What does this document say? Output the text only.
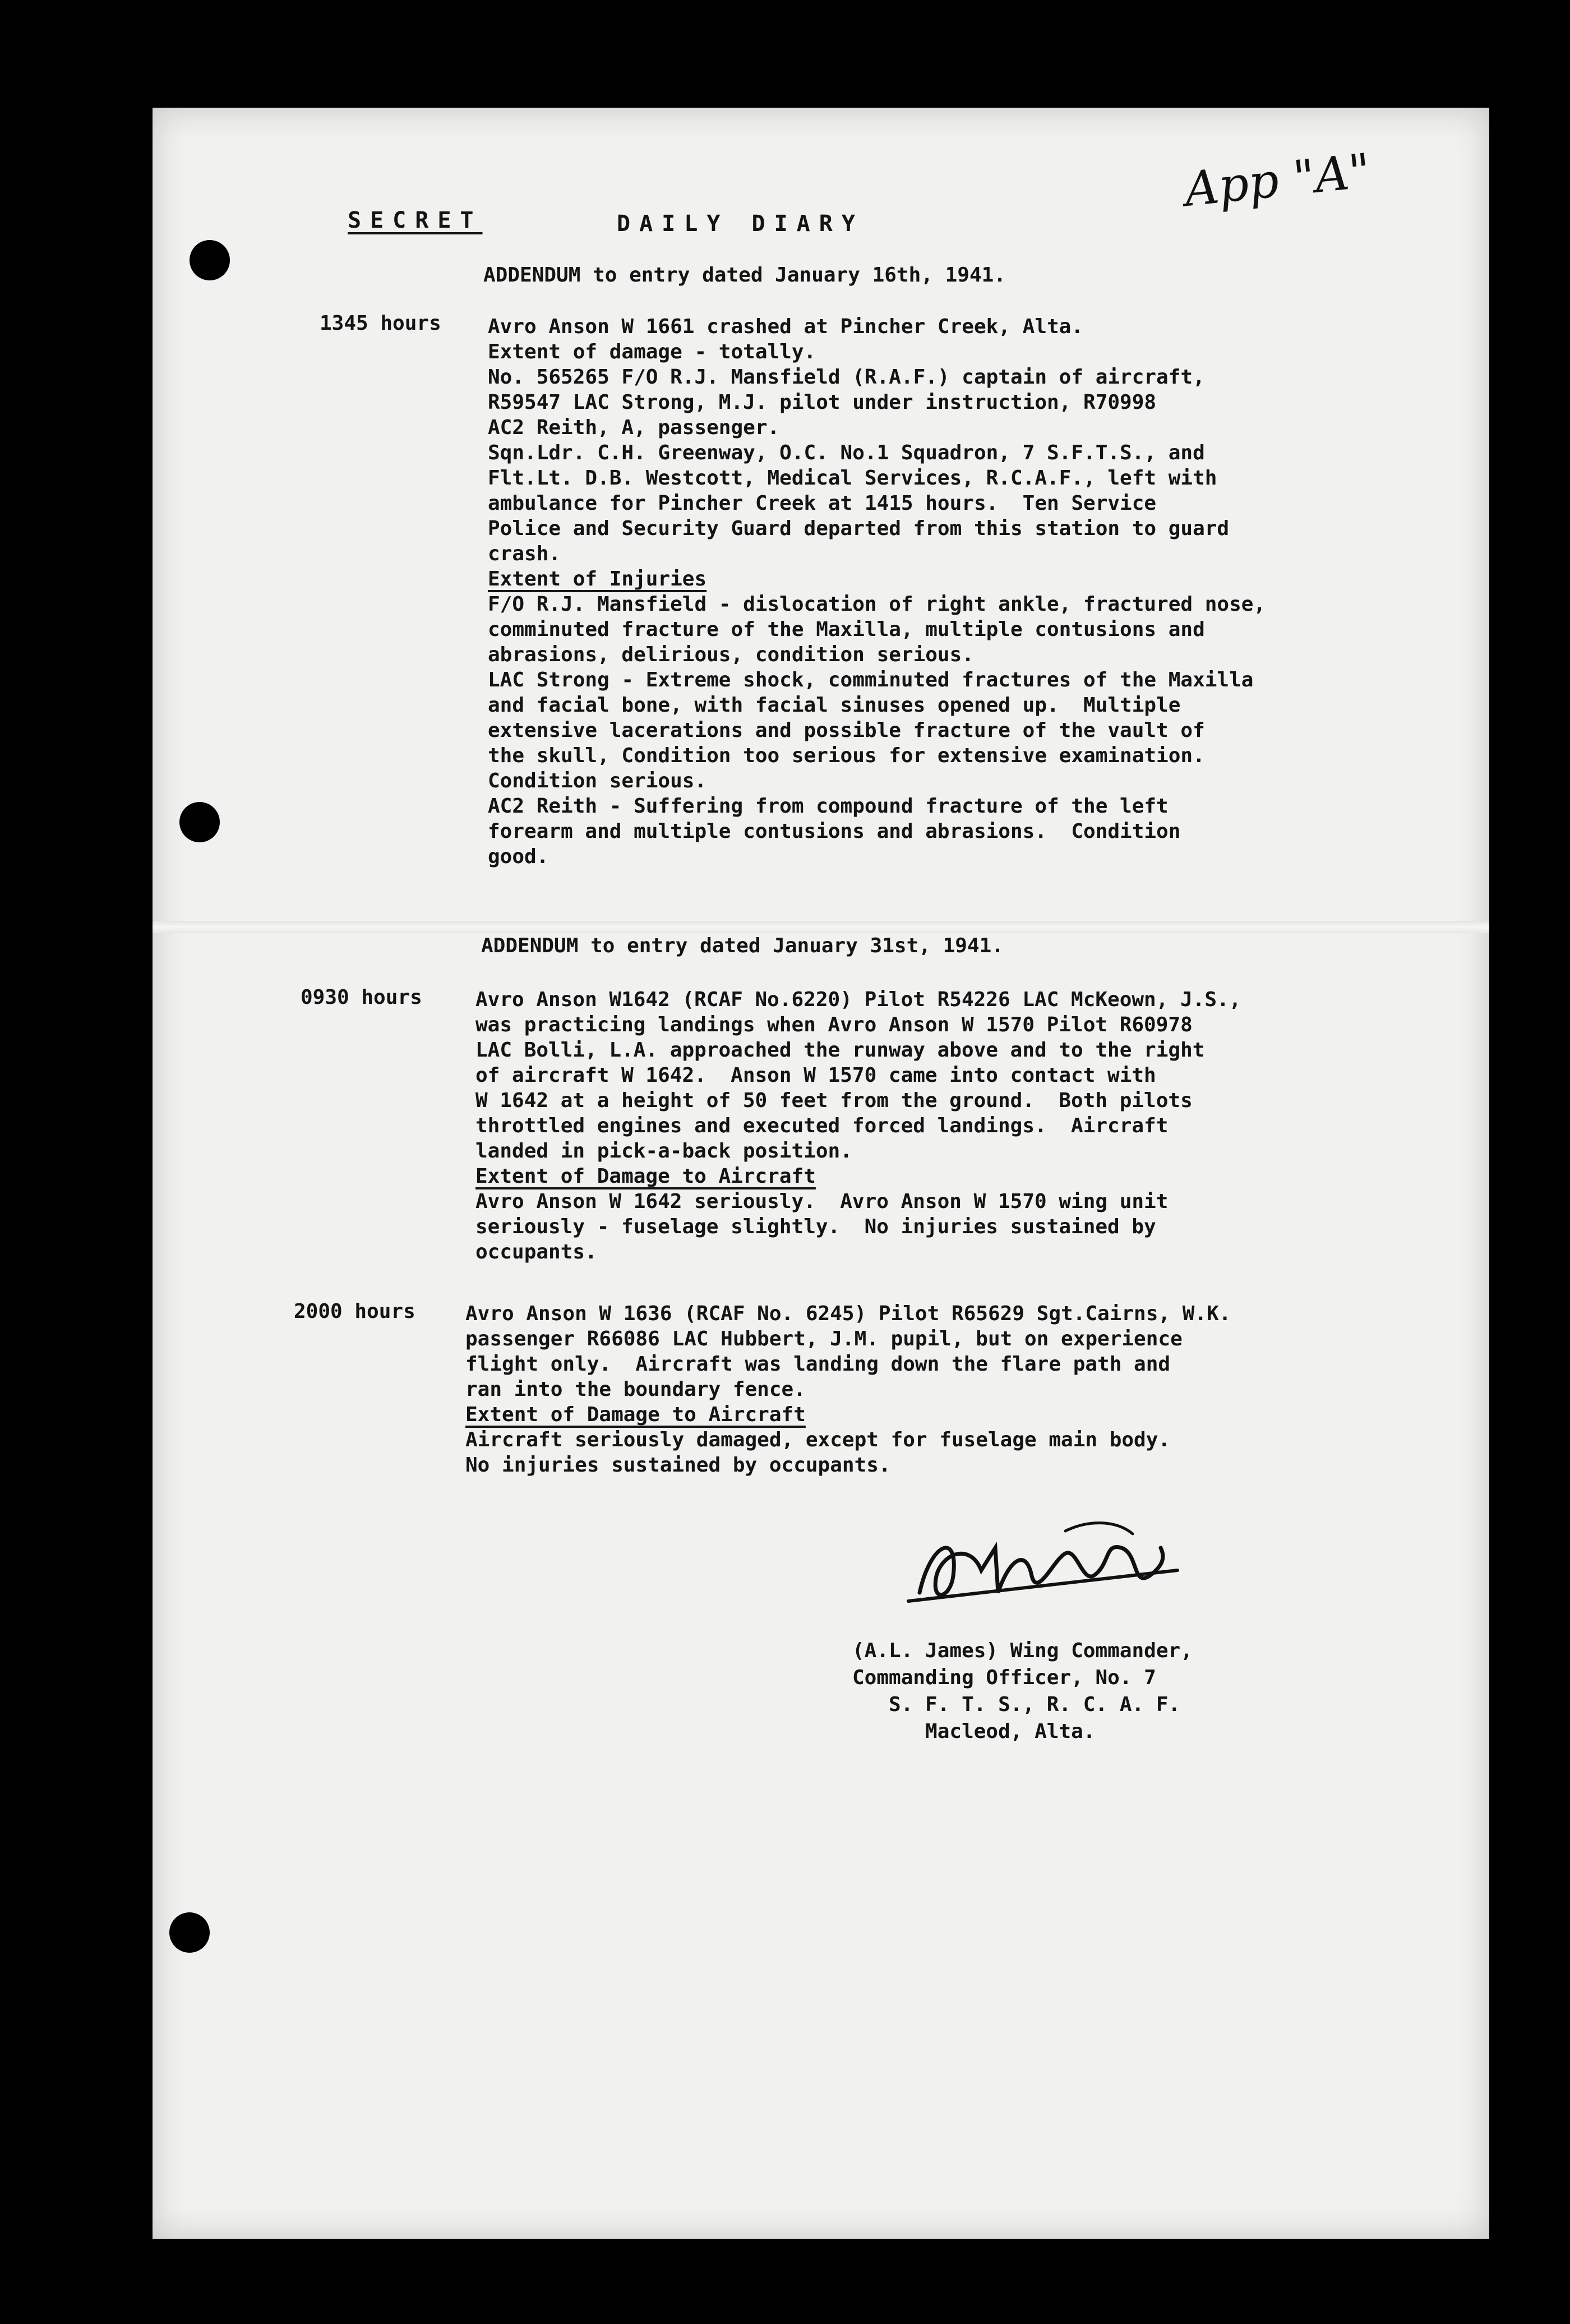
SECRET	DAILY DIARY
App "A"
ADDENDUM to entry dated January 16th, 1941.
1345 hours Avro Anson W 1661 crashed at Pincher Creek, Alta.
Extent of damage - totally.
No. 565265 F/O R.J. Mansfield (R.A.F.) captain of aircraft,
R59547 LAC Strong, M.J. pilot under instruction, R70998
AC2 Reith, A, passenger.
Sqn.Ldr. C.H. Greenway, O.C. No.1 Squadron, 7 S.F.T.S., and
Flt.Lt. D.B. Westcott, Medical Services, R.C.A.F., left with
ambulance for Pincher Creek at 1415 hours.  Ten Service
Police and Security Guard departed from this station to guard
crash.
Extent of Injuries
F/O R.J. Mansfield - dislocation of right ankle, fractured nose,
comminuted fracture of the Maxilla, multiple contusions and
abrasions, delirious, condition serious.
LAC Strong - Extreme shock, comminuted fractures of the Maxilla
and facial bone, with facial sinuses opened up.  Multiple
extensive lacerations and possible fracture of the vault of
the skull, Condition too serious for extensive examination.
Condition serious.
AC2 Reith - Suffering from compound fracture of the left
forearm and multiple contusions and abrasions.  Condition
good.
ADDENDUM to entry dated January 31st, 1941.
0930 hours	Avro Anson W1642 (RCAF No.6220) Pilot R54226 LAC McKeown, J.S.,
was practicing landings when Avro Anson W 1570 Pilot R60978
LAC Bolli, L.A. approached the runway above and to the right
of aircraft W 1642.  Anson W 1570 came into contact with
W 1642 at a height of 50 feet from the ground.  Both pilots
throttled engines and executed forced landings.  Aircraft
landed in pick-a-back position.
Extent of Damage to Aircraft
Avro Anson W 1642 seriously.  Avro Anson W 1570 wing unit
seriously - fuselage slightly.  No injuries sustained by
occupants.
2000 hours Avro Anson W 1636 (RCAF No. 6245) Pilot R65629 Sgt.Cairns, W.K.
passenger R66086 LAC Hubbert, J.M. pupil, but on experience
flight only.  Aircraft was landing down the flare path and
ran into the boundary fence.
Extent of Damage to Aircraft
Aircraft seriously damaged, except for fuselage main body.
No injuries sustained by occupants.
(A.L. James) Wing Commander,
Commanding Officer, No. 7
S. F. T. S., R. C. A. F.
Macleod, Alta.
